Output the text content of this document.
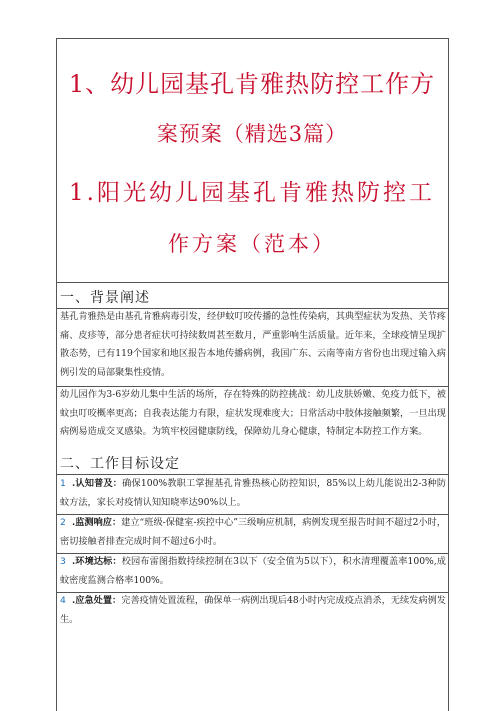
1、幼儿园基孔肯雅热防控工作方
案预案（精选3篇）
1.阳光幼儿园基孔肯雅热防控工
作方案（范本）
一、背景阐述

基孔肯雅热是由基孔肯雅病毒引发，经伊蚊叮咬传播的急性传染病，其典型症状为发热、关节疼痛、皮疹等，部分患者症状可持续数周甚至数月，严重影响生活质量。近年来，全球疫情呈现扩散态势，已有119个国家和地区报告本地传播病例，我国广东、云南等南方省份也出现过输入病例引发的局部聚集性疫情。

幼儿园作为3-6岁幼儿集中生活的场所，存在特殊的防控挑战：幼儿皮肤娇嫩、免疫力低下，被蚊虫叮咬概率更高；自我表达能力有限，症状发现难度大；日常活动中肢体接触频繁，一旦出现病例易造成交叉感染。为筑牢校园健康防线，保障幼儿身心健康，特制定本防控工作方案。

二、工作目标设定

1 .认知普及：确保100%教职工掌握基孔肯雅热核心防控知识，85%以上幼儿能说出2-3种防蚊方法，家长对疫情认知知晓率达90%以上。

2 .监测响应：建立“班级-保健室-疾控中心”三级响应机制，病例发现至报告时间不超过2小时，密切接触者排查完成时间不超过6小时。

3 .环境达标：校园布雷图指数持续控制在3以下（安全值为5以下），积水清理覆盖率100%,成蚊密度监测合格率100%。

4 .应急处置：完善疫情处置流程，确保单一病例出现后48小时内完成疫点消杀，无续发病例发生。
